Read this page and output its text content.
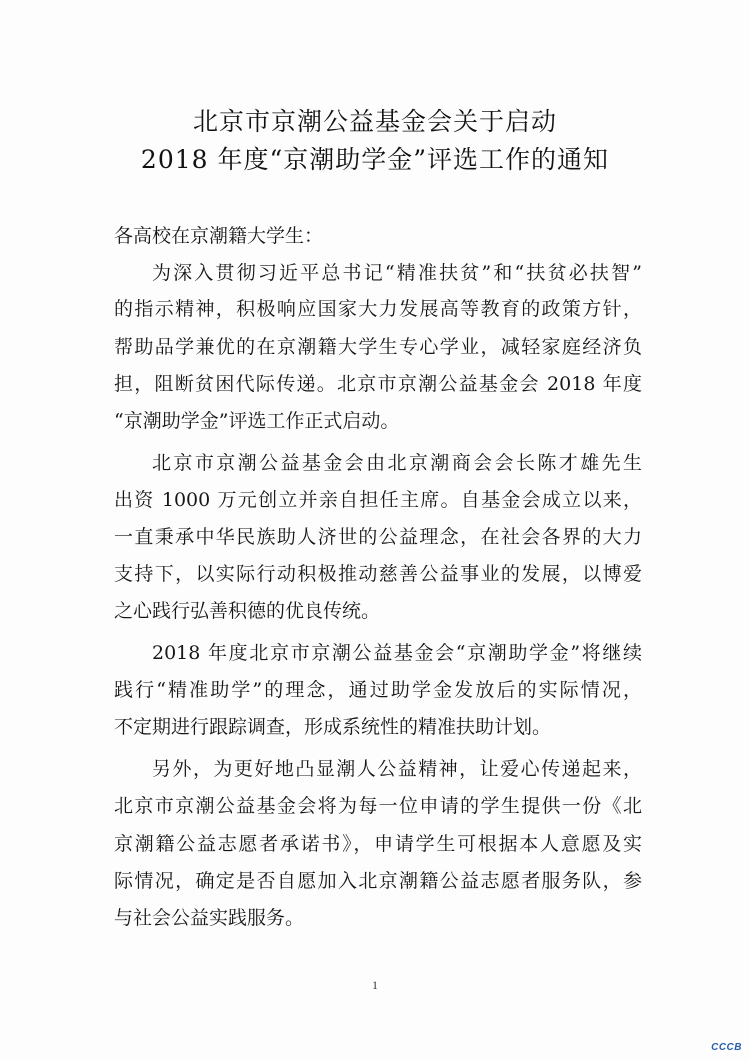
北京市京潮公益基金会关于启动
2018 年度“京潮助学金”评选工作的通知
各高校在京潮籍大学生：
为深入贯彻习近平总书记“精准扶贫”和“扶贫必扶智”
的指示精神，积极响应国家大力发展高等教育的政策方针，
帮助品学兼优的在京潮籍大学生专心学业，减轻家庭经济负
担，阻断贫困代际传递。北京市京潮公益基金会 2018 年度
“京潮助学金”评选工作正式启动。
北京市京潮公益基金会由北京潮商会会长陈才雄先生
出资 1000 万元创立并亲自担任主席。自基金会成立以来，
一直秉承中华民族助人济世的公益理念，在社会各界的大力
支持下，以实际行动积极推动慈善公益事业的发展，以博爱
之心践行弘善积德的优良传统。
2018 年度北京市京潮公益基金会“京潮助学金”将继续
践行“精准助学”的理念，通过助学金发放后的实际情况，
不定期进行跟踪调查，形成系统性的精准扶助计划。
另外，为更好地凸显潮人公益精神，让爱心传递起来，
北京市京潮公益基金会将为每一位申请的学生提供一份《北
京潮籍公益志愿者承诺书》，申请学生可根据本人意愿及实
际情况，确定是否自愿加入北京潮籍公益志愿者服务队，参
与社会公益实践服务。
1
CCCB
